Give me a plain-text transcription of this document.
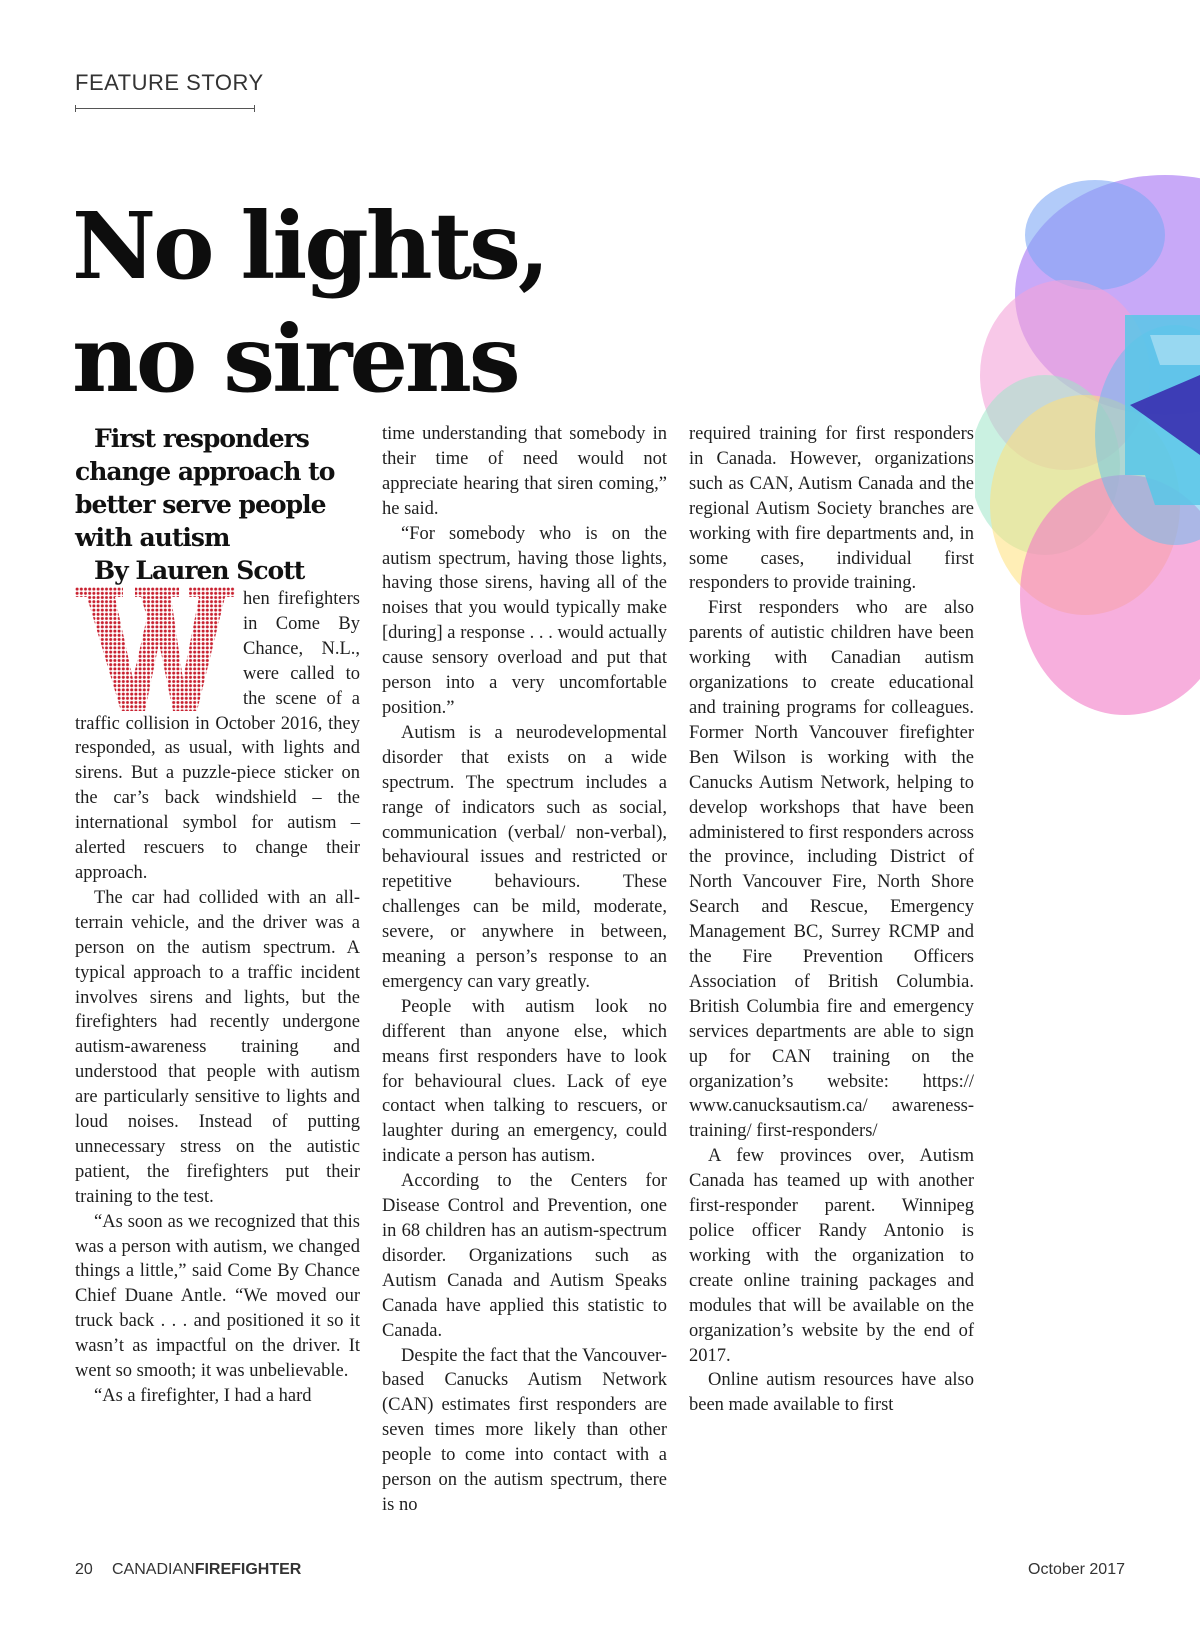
FEATURE STORY
No lights,
no sirens

First responders change approach to better serve people with autism

By Lauren Scott

hen firefighters in Come By Chance, N.L., were called to the scene of a traffic collision in October 2016, they responded, as usual, with lights and sirens. But a puzzle-piece sticker on the car’s back windshield – the international symbol for autism – alerted rescuers to change their approach.

The car had collided with an all-terrain vehicle, and the driver was a person on the autism spectrum. A typical approach to a traffic incident involves sirens and lights, but the firefighters had recently undergone autism-awareness training and understood that people with autism are particularly sensitive to lights and loud noises. Instead of putting unnecessary stress on the autistic patient, the firefighters put their training to the test.

“As soon as we recognized that this was a person with autism, we changed things a little,” said Come By Chance Chief Duane Antle. “We moved our truck back . . . and positioned it so it wasn’t as impactful on the driver. It went so smooth; it was unbelievable.

“As a firefighter, I had a hard

time understanding that somebody in their time of need would not appreciate hearing that siren coming,” he said.

“For somebody who is on the autism spectrum, having those lights, having those sirens, having all of the noises that you would typically make [during] a response . . . would actually cause sensory overload and put that person into a very uncomfortable position.”

Autism is a neurodevelopmental disorder that exists on a wide spectrum. The spectrum includes a range of indicators such as social, communication (verbal/ non-verbal), behavioural issues and restricted or repetitive behaviours. These challenges can be mild, moderate, severe, or anywhere in between, meaning a person’s response to an emergency can vary greatly.

People with autism look no different than anyone else, which means first responders have to look for behavioural clues. Lack of eye contact when talking to rescuers, or laughter during an emergency, could indicate a person has autism.

According to the Centers for Disease Control and Prevention, one in 68 children has an autism-spectrum disorder. Organizations such as Autism Canada and Autism Speaks Canada have applied this statistic to Canada.

Despite the fact that the Vancouver-based Canucks Autism Network (CAN) estimates first responders are seven times more likely than other people to come into contact with a person on the autism spectrum, there is no

required training for first responders in Canada. However, organizations such as CAN, Autism Canada and the regional Autism Society branches are working with fire departments and, in some cases, individual first responders to provide training.

First responders who are also parents of autistic children have been working with Canadian autism organizations to create educational and training programs for colleagues. Former North Vancouver firefighter Ben Wilson is working with the Canucks Autism Network, helping to develop workshops that have been administered to first responders across the province, including District of North Vancouver Fire, North Shore Search and Rescue, Emergency Management BC, Surrey RCMP and the Fire Prevention Officers Association of British Columbia. British Columbia fire and emergency services departments are able to sign up for CAN training on the organization’s website: https:// www.canucksautism.ca/ awareness-training/ first-responders/

A few provinces over, Autism Canada has teamed up with another first-responder parent. Winnipeg police officer Randy Antonio is working with the organization to create online training packages and modules that will be available on the organization’s website by the end of 2017.

Online autism resources have also been made available to first

20 CANADIANFIREFIGHTER	October 2017
